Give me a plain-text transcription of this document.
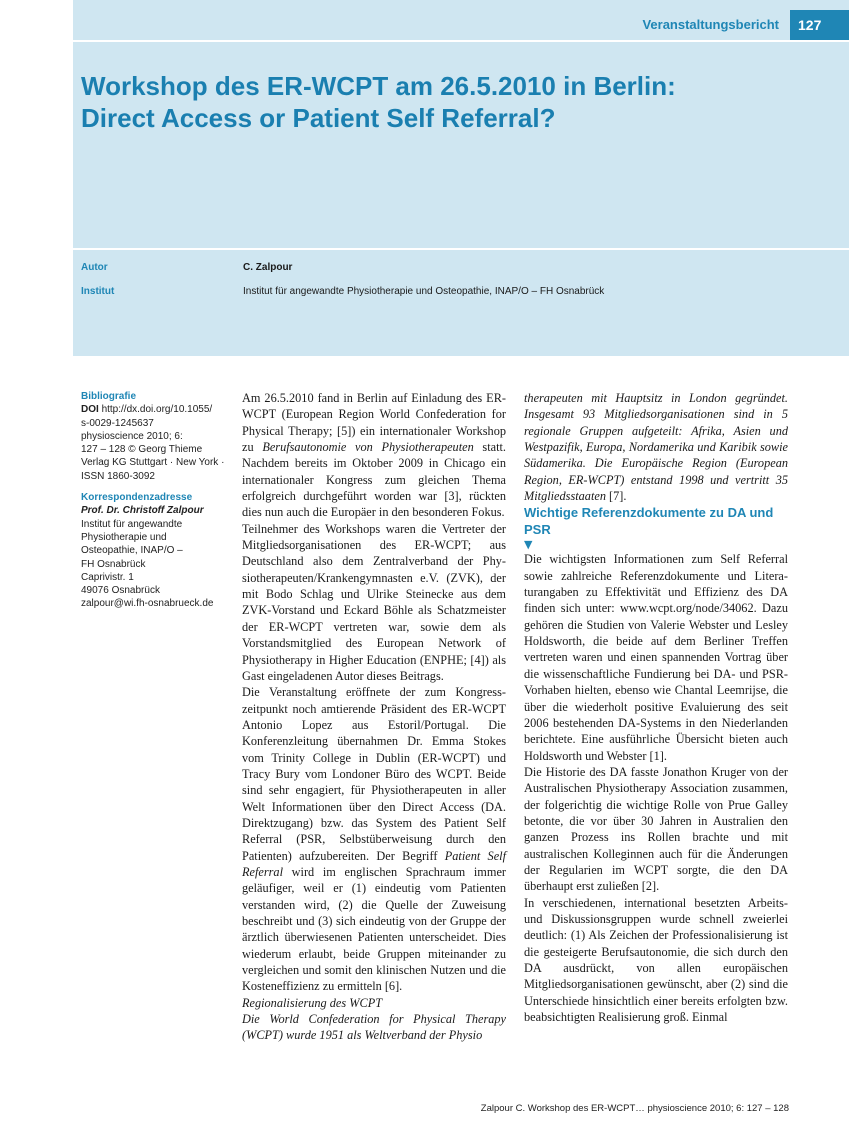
Veranstaltungsbericht 127
Workshop des ER-WCPT am 26.5.2010 in Berlin:
Direct Access or Patient Self Referral?
Autor	C. Zalpour
Institut	Institut für angewandte Physiotherapie und Osteopathie, INAP/O – FH Osnabrück
Bibliografie
DOI http://dx.doi.org/10.1055/
s-0029-1245637
physioscience 2010; 6:
127 – 128 © Georg Thieme
Verlag KG Stuttgart · New York ·
ISSN 1860-3092
Korrespondenzadresse
Prof. Dr. Christoff Zalpour
Institut für angewandte
Physiotherapie und
Osteopathie, INAP/O –
FH Osnabrück
Caprivistr. 1
49076 Osnabrück
zalpour@wi.fh-osnabrueck.de

Am 26.5.2010 fand in Berlin auf Einladung des ER-WCPT (European Region World Confederation for Physical Therapy; [5]) ein internationaler Workshop zu Berufsautonomie von Physiotherapeuten statt. Nachdem bereits im Oktober 2009 in Chicago ein internationaler Kongress zum gleichen Thema erfolgreich durchgeführt worden war [3], rückten dies nun auch die Europäer in den besonderen Fokus.

Teilnehmer des Workshops waren die Vertreter der Mitgliedsorganisationen des ER-WCPT; aus Deutschland also dem Zentralverband der Physiotherapeuten/Krankengymnasten e.V. (ZVK), der mit Bodo Schlag und Ulrike Steinecke aus dem ZVK-Vorstand und Eckard Böhle als Schatzmeister der ER-WCPT vertreten war, sowie dem als Vorstandsmitglied des European Network of Physiotherapy in Higher Education (ENPHE; [4]) als Gast eingeladenen Autor dieses Beitrags.

Die Veranstaltung eröffnete der zum Kongresszeitpunkt noch amtierende Präsident des ER-WCPT Antonio Lopez aus Estoril/Portugal. Die Konferenzleitung übernahmen Dr. Emma Stokes vom Trinity College in Dublin (ER-WCPT) und Tracy Bury vom Londoner Büro des WCPT. Beide sind sehr engagiert, für Physiotherapeuten in aller Welt Informationen über den Direct Access (DA. Direktzugang) bzw. das System des Patient Self Referral (PSR, Selbstüberweisung durch den Patienten) aufzubereiten. Der Begriff Patient Self Referral wird im englischen Sprachraum immer geläufiger, weil er (1) eindeutig vom Patienten verstanden wird, (2) die Quelle der Zuweisung beschreibt und (3) sich eindeutig von der Gruppe der ärztlich überwiesenen Patienten unterscheidet. Dies wiederum erlaubt, beide Gruppen miteinander zu vergleichen und somit den klinischen Nutzen und die Kosteneffizienz zu ermitteln [6].

Regionalisierung des WCPT

Die World Confederation for Physical Therapy (WCPT) wurde 1951 als Weltverband der Physio

therapeuten mit Hauptsitz in London gegründet. Insgesamt 93 Mitgliedsorganisationen sind in 5 regionale Gruppen aufgeteilt: Afrika, Asien und Westpazifik, Europa, Nordamerika und Karibik sowie Südamerika. Die Europäische Region (European Region, ER-WCPT) entstand 1998 und vertritt 35 Mitgliedsstaaten [7].

Wichtige Referenzdokumente zu DA und PSR

▼

Die wichtigsten Informationen zum Self Referral sowie zahlreiche Referenzdokumente und Literaturangaben zu Effektivität und Effizienz des DA finden sich unter: www.wcpt.org/node/34062. Dazu gehören die Studien von Valerie Webster und Lesley Holdsworth, die beide auf dem Berliner Treffen vertreten waren und einen spannenden Vortrag über die wissenschaftliche Fundierung bei DA- und PSR-Vorhaben hielten, ebenso wie Chantal Leemrijse, die über die wiederholt positive Evaluierung des seit 2006 bestehenden DA-Systems in den Niederlanden berichtete. Eine ausführliche Übersicht bieten auch Holdsworth und Webster [1].

Die Historie des DA fasste Jonathon Kruger von der Australischen Physiotherapy Association zusammen, der folgerichtig die wichtige Rolle von Prue Galley betonte, die vor über 30 Jahren in Australien den ganzen Prozess ins Rollen brachte und mit australischen Kolleginnen auch für die Änderungen der Regularien im WCPT sorgte, die den DA überhaupt erst zuließen [2].

In verschiedenen, international besetzten Arbeits- und Diskussionsgruppen wurde schnell zweierlei deutlich: (1) Als Zeichen der Professionalisierung ist die gesteigerte Berufsautonomie, die sich durch den DA ausdrückt, von allen europäischen Mitgliedsorganisationen gewünscht, aber (2) sind die Unterschiede hinsichtlich einer bereits erfolgten bzw. beabsichtigten Realisierung groß. Einmal

Zalpour C. Workshop des ER-WCPT… physioscience 2010; 6: 127 – 128
